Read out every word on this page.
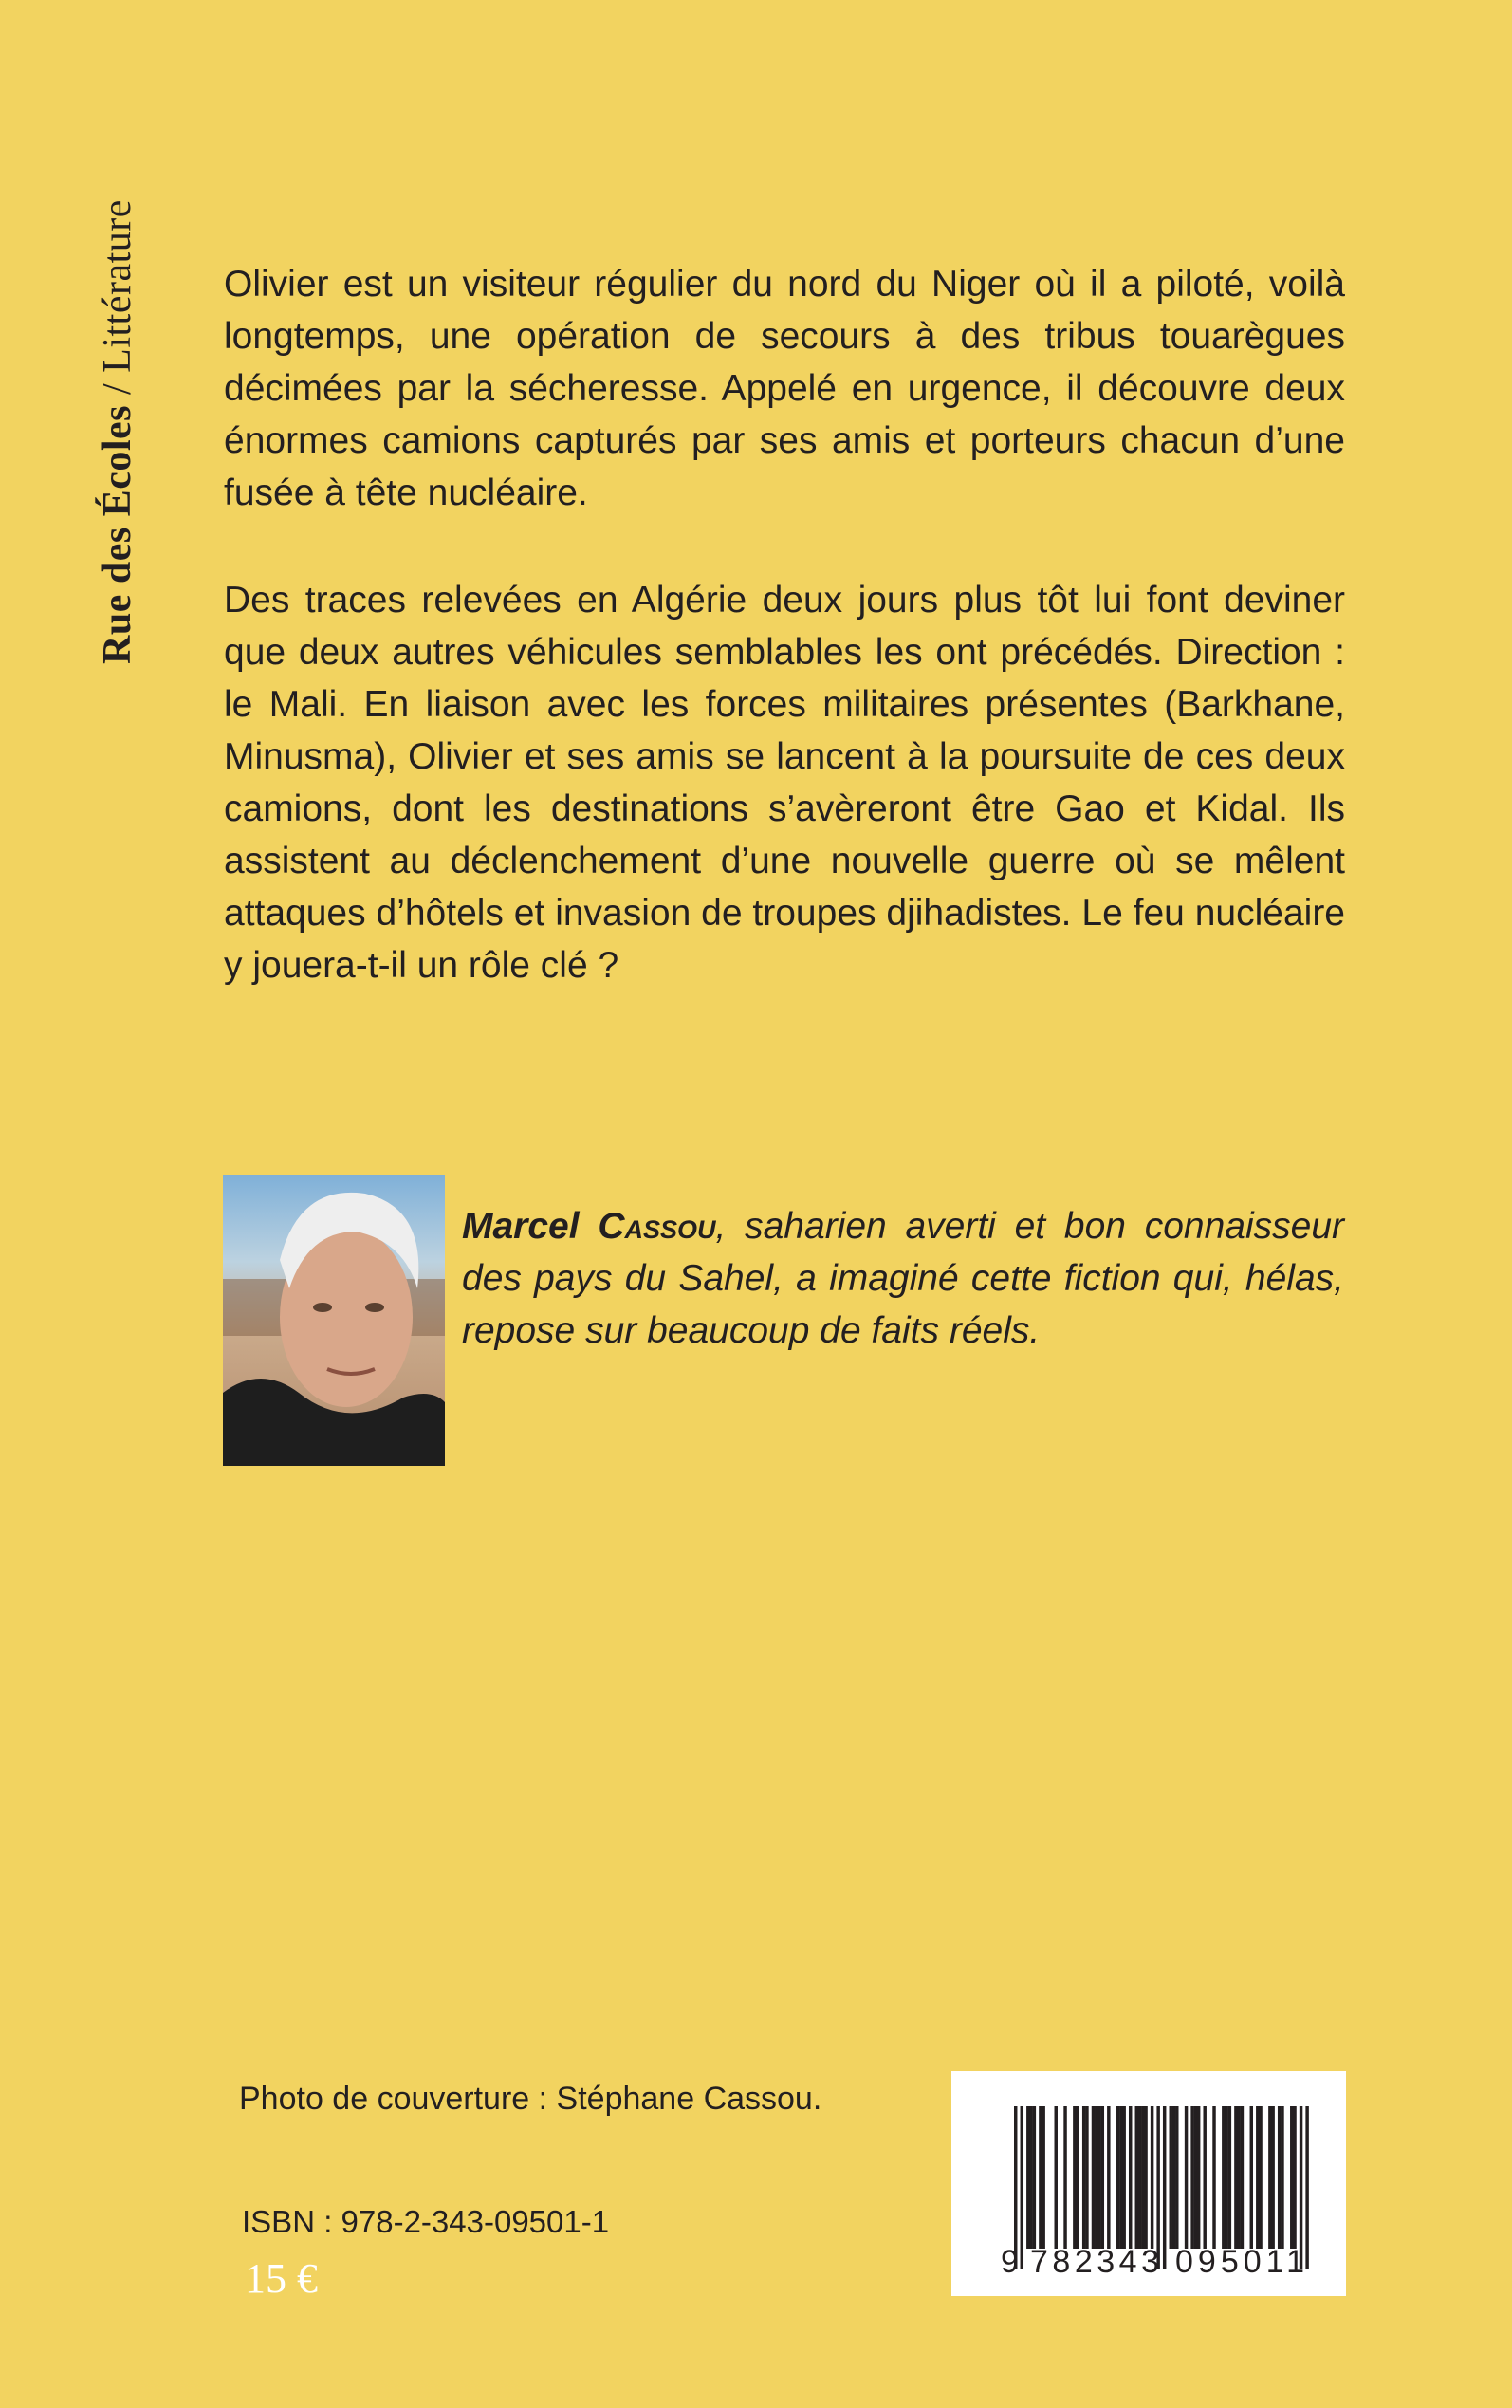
Rue des Écoles / Littérature Olivier est un visiteur régulier du nord du Niger où il a piloté, voilà longtemps, une opération de secours à des tribus touarègues décimées par la sécheresse. Appelé en urgence, il découvre deux énormes camions capturés par ses amis et porteurs chacun d’une fusée à tête nucléaire.

Des traces relevées en Algérie deux jours plus tôt lui font deviner que deux autres véhicules semblables les ont précédés. Direction : le Mali. En liaison avec les forces militaires présentes (Barkhane, Minusma), Olivier et ses amis se lancent à la poursuite de ces deux camions, dont les destinations s’avèreront être Gao et Kidal. Ils assistent au déclenchement d’une nouvelle guerre où se mêlent attaques d’hôtels et invasion de troupes djihadistes. Le feu nucléaire y jouera-t-il un rôle clé ?

Marcel Cassou, saharien averti et bon connaisseur des pays du Sahel, a imaginé cette fiction qui, hélas, repose sur beaucoup de faits réels.
Photo de couverture : Stéphane Cassou.
ISBN : 978-2-343-09501-1
15 €	9 782343 095011
